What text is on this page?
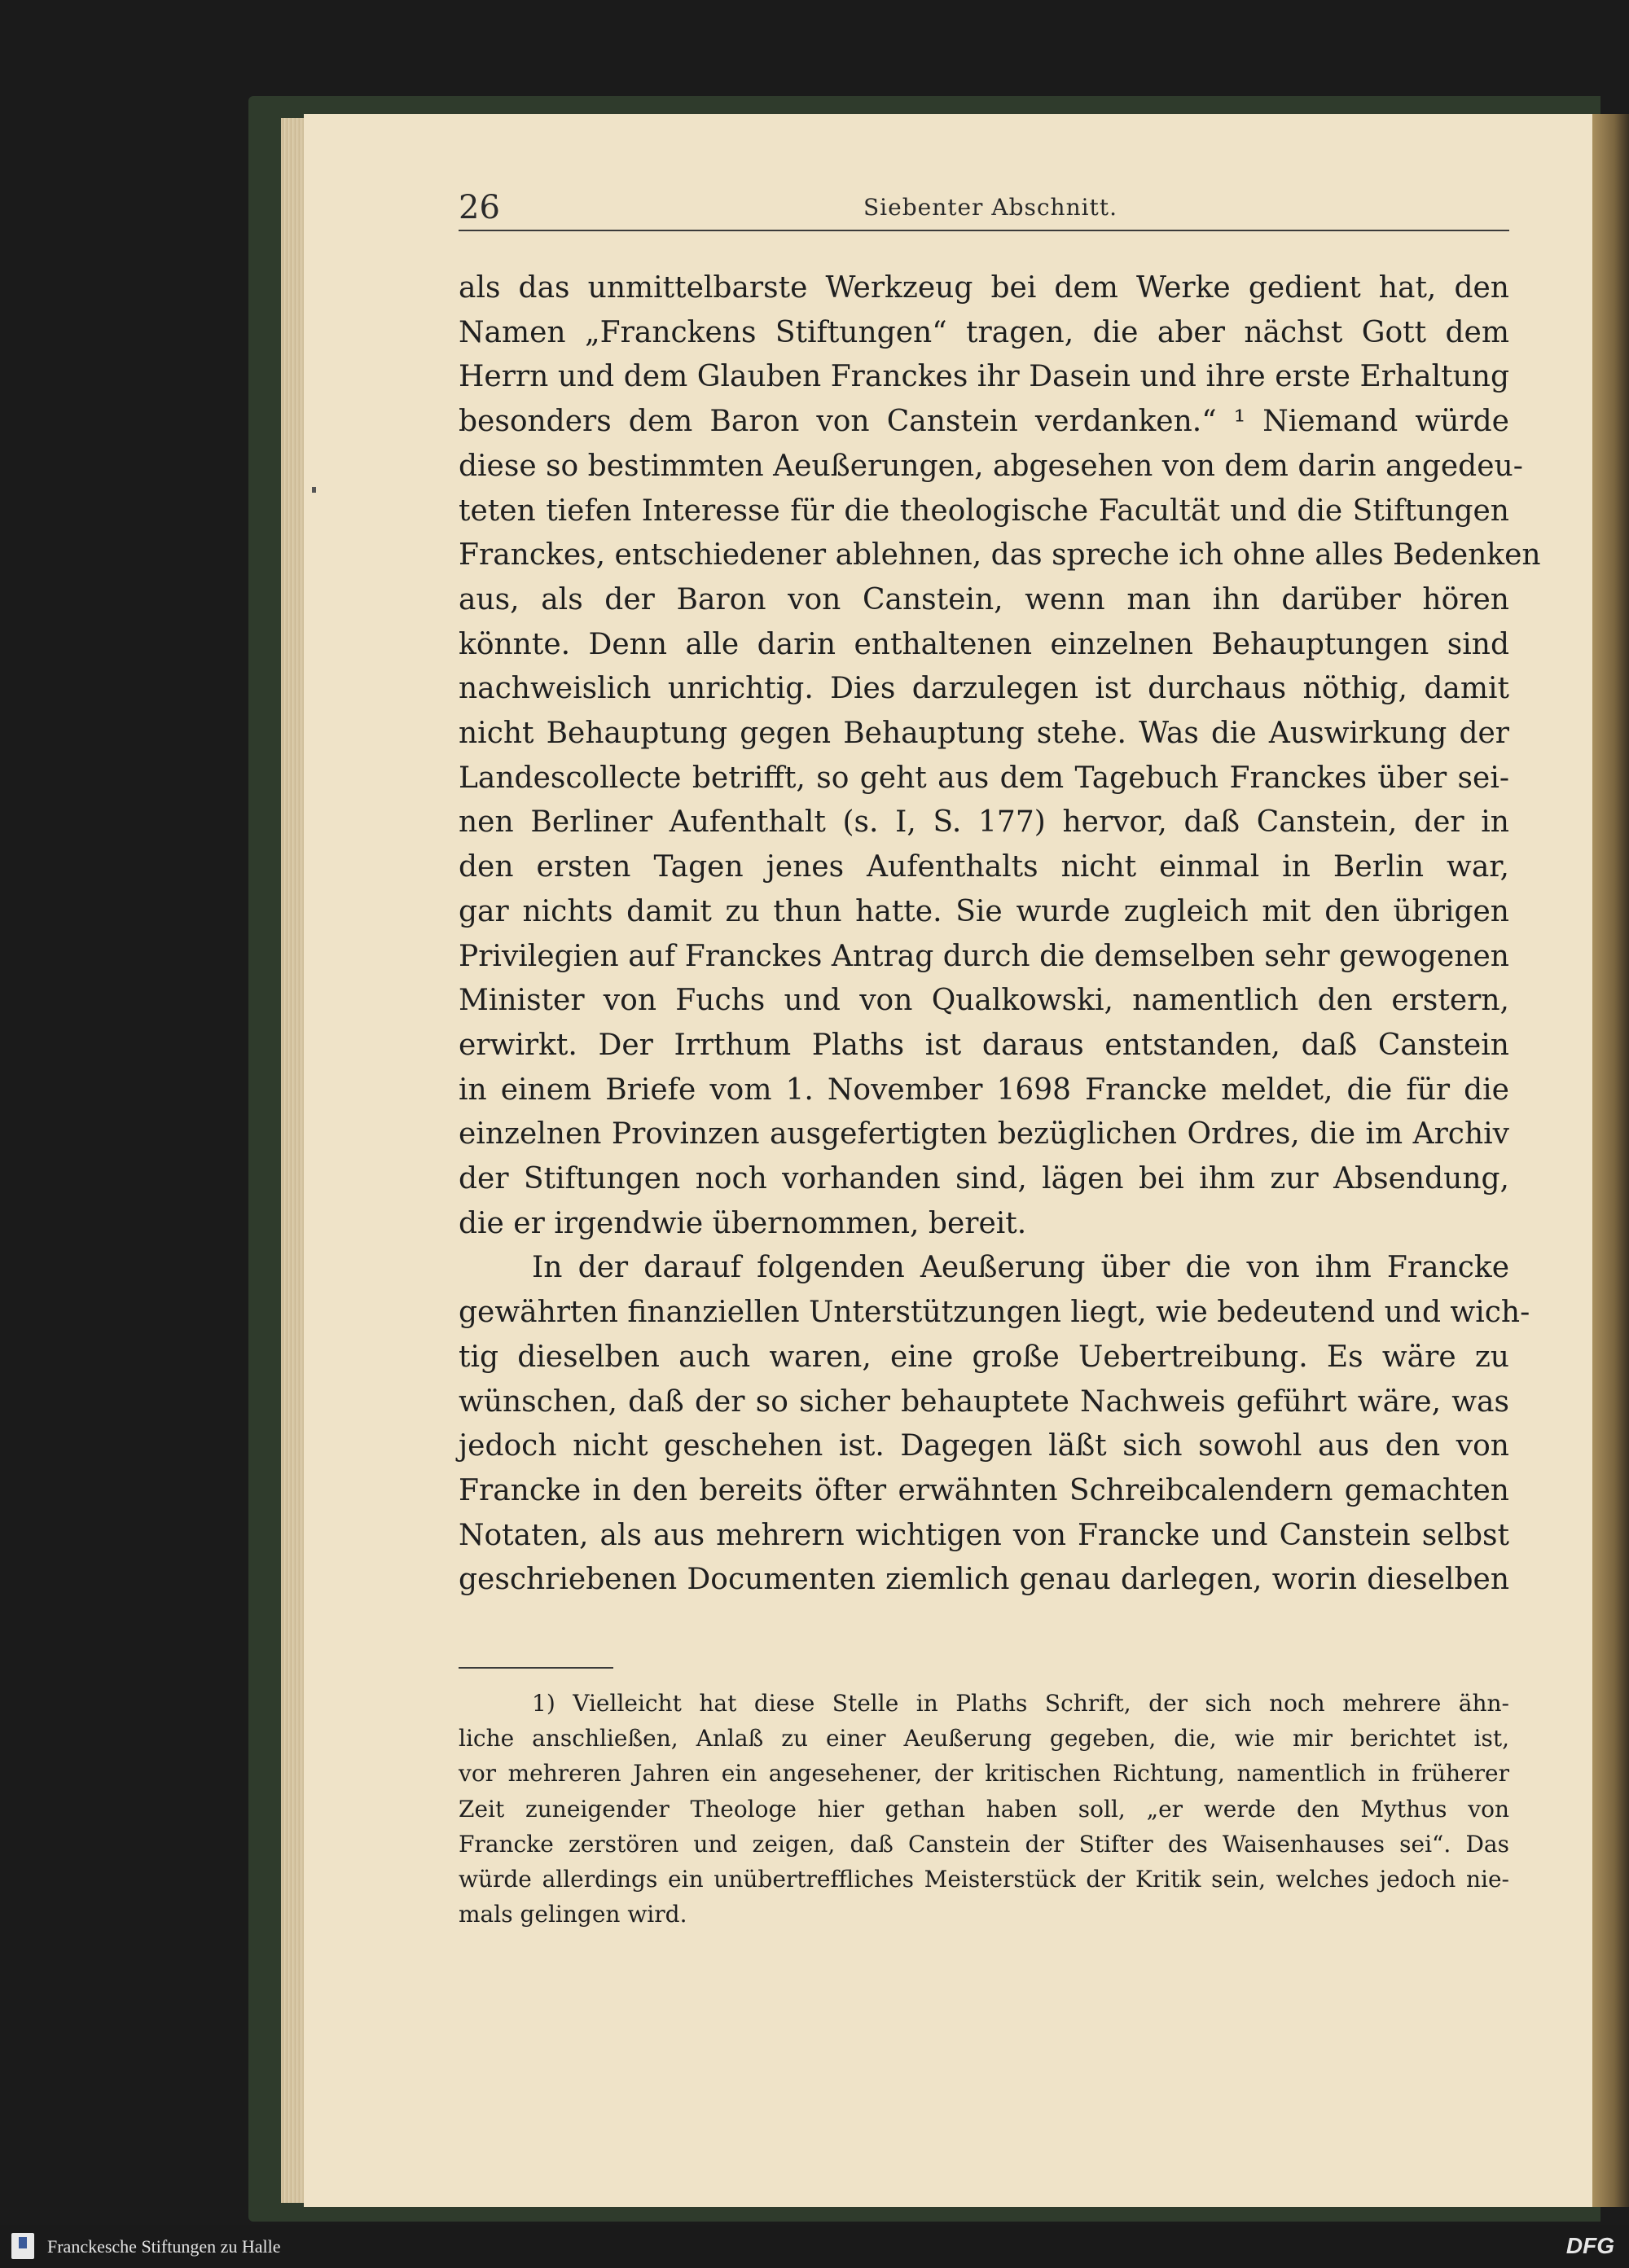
26	Siebenter Abschnitt.
als das unmittelbarste Werkzeug bei dem Werke gedient hat, den
Namen „Franckens Stiftungen“ tragen, die aber nächst Gott dem
Herrn und dem Glauben Franckes ihr Dasein und ihre erste Erhaltung
besonders dem Baron von Canstein verdanken.“ ¹ Niemand würde
diese so bestimmten Aeußerungen, abgesehen von dem darin angedeu-
teten tiefen Interesse für die theologische Facultät und die Stiftungen
Franckes, entschiedener ablehnen, das spreche ich ohne alles Bedenken
aus, als der Baron von Canstein, wenn man ihn darüber hören
könnte. Denn alle darin enthaltenen einzelnen Behauptungen sind
nachweislich unrichtig. Dies darzulegen ist durchaus nöthig, damit
nicht Behauptung gegen Behauptung stehe. Was die Auswirkung der
Landescollecte betrifft, so geht aus dem Tagebuch Franckes über sei-
nen Berliner Aufenthalt (s. I, S. 177) hervor, daß Canstein, der in
den ersten Tagen jenes Aufenthalts nicht einmal in Berlin war,
gar nichts damit zu thun hatte. Sie wurde zugleich mit den übrigen
Privilegien auf Franckes Antrag durch die demselben sehr gewogenen
Minister von Fuchs und von Qualkowski, namentlich den erstern,
erwirkt. Der Irrthum Plaths ist daraus entstanden, daß Canstein
in einem Briefe vom 1. November 1698 Francke meldet, die für die
einzelnen Provinzen ausgefertigten bezüglichen Ordres, die im Archiv
der Stiftungen noch vorhanden sind, lägen bei ihm zur Absendung,
die er irgendwie übernommen, bereit.
In der darauf folgenden Aeußerung über die von ihm Francke
gewährten finanziellen Unterstützungen liegt, wie bedeutend und wich-
tig dieselben auch waren, eine große Uebertreibung. Es wäre zu
wünschen, daß der so sicher behauptete Nachweis geführt wäre, was
jedoch nicht geschehen ist. Dagegen läßt sich sowohl aus den von
Francke in den bereits öfter erwähnten Schreibcalendern gemachten
Notaten, als aus mehrern wichtigen von Francke und Canstein selbst
geschriebenen Documenten ziemlich genau darlegen, worin dieselben
1) Vielleicht hat diese Stelle in Plaths Schrift, der sich noch mehrere ähn-
liche anschließen, Anlaß zu einer Aeußerung gegeben, die, wie mir berichtet ist,
vor mehreren Jahren ein angesehener, der kritischen Richtung, namentlich in früherer
Zeit zuneigender Theologe hier gethan haben soll, „er werde den Mythus von
Francke zerstören und zeigen, daß Canstein der Stifter des Waisenhauses sei“. Das
würde allerdings ein unübertreffliches Meisterstück der Kritik sein, welches jedoch nie-
mals gelingen wird.
Franckesche Stiftungen zu Halle	DFG
